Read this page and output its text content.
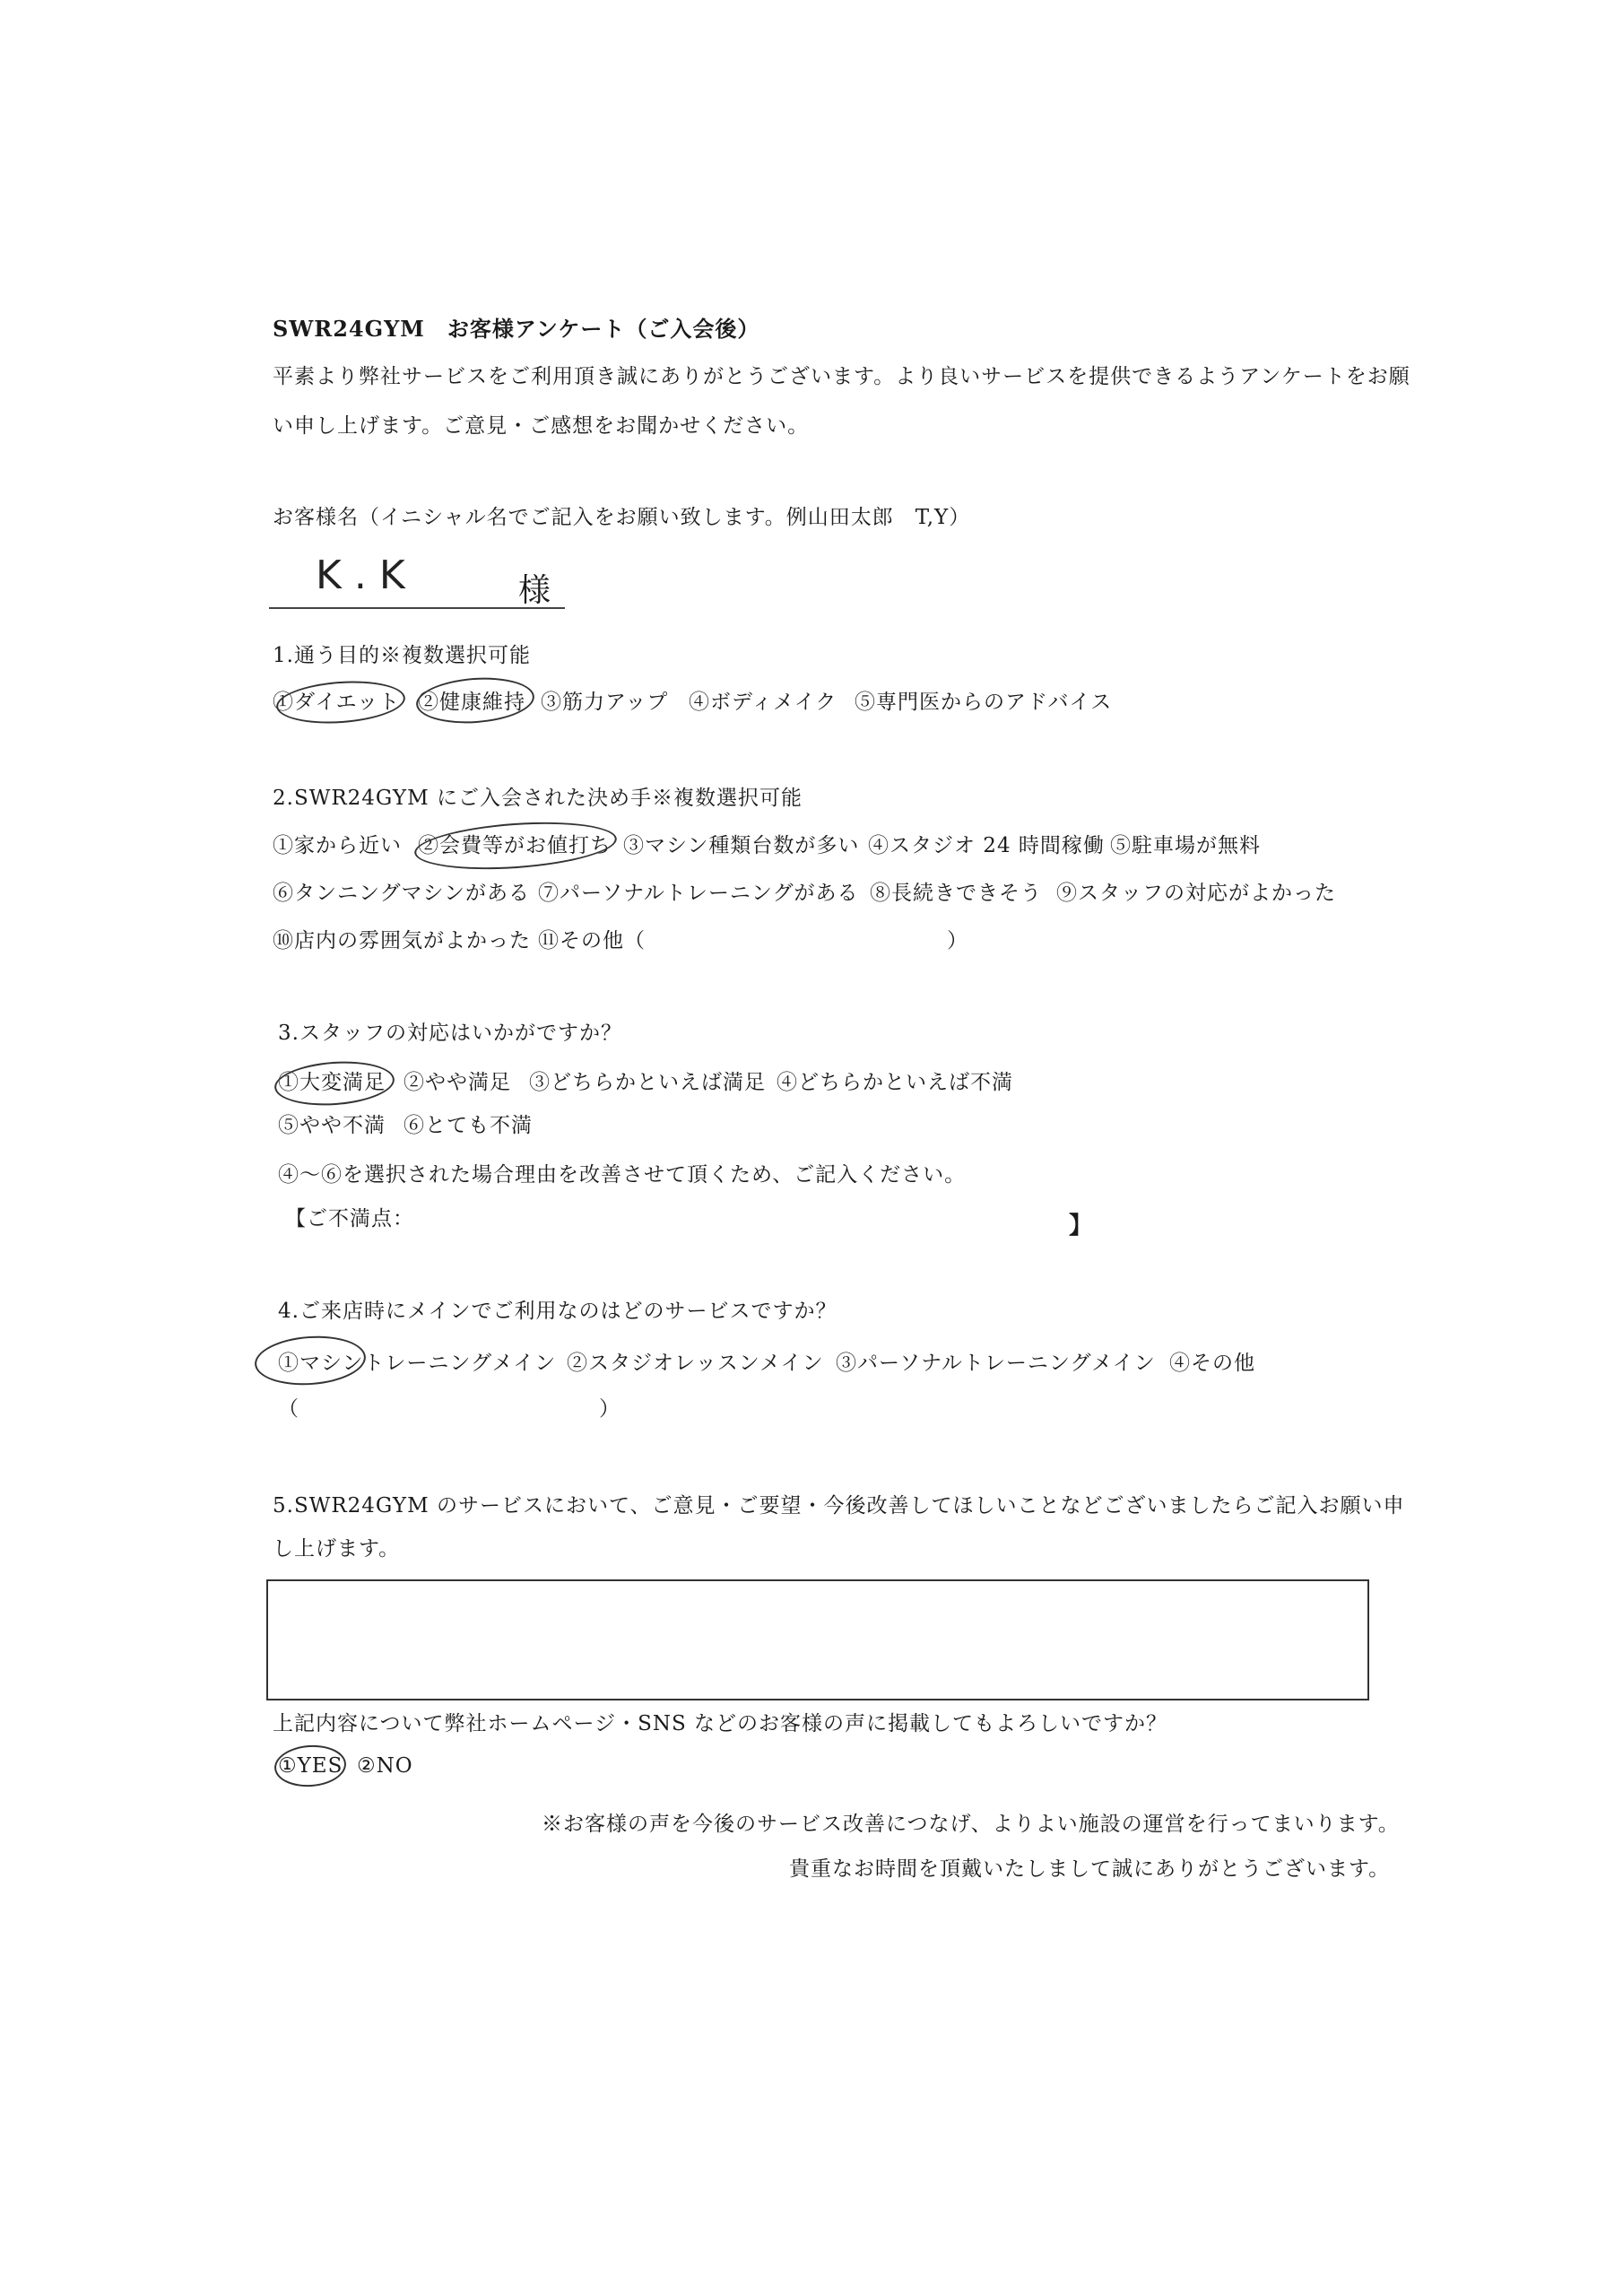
SWR24GYM　お客様アンケート（ご入会後）
平素より弊社サービスをご利用頂き誠にありがとうございます。より良いサービスを提供できるようアンケートをお願
い申し上げます。ご意見・ご感想をお聞かせください。
お客様名（イニシャル名でご記入をお願い致します。例山田太郎　T,Y）
K.K	様
1.通う目的※複数選択可能
①ダイエット ②健康維持 ③筋力アップ ④ボディメイク ⑤専門医からのアドバイス
2.SWR24GYM にご入会された決め手※複数選択可能
①家から近い ②会費等がお値打ち ③マシン種類台数が多い ④スタジオ 24 時間稼働 ⑤駐車場が無料
⑥タンニングマシンがある ⑦パーソナルトレーニングがある ⑧長続きできそう ⑨スタッフの対応がよかった
⑩店内の雰囲気がよかった ⑪その他（	）
3.スタッフの対応はいかがですか？
①大変満足 ②やや満足 ③どちらかといえば満足 ④どちらかといえば不満
⑤やや不満 ⑥とても不満
④～⑥を選択された場合理由を改善させて頂くため、ご記入ください。
【ご不満点：	】
4.ご来店時にメインでご利用なのはどのサービスですか？
①マシントレーニングメイン ②スタジオレッスンメイン ③パーソナルトレーニングメイン ④その他
（	）
5.SWR24GYM のサービスにおいて、ご意見・ご要望・今後改善してほしいことなどございましたらご記入お願い申
し上げます。
上記内容について弊社ホームページ・SNS などのお客様の声に掲載してもよろしいですか？
①YES ②NO
※お客様の声を今後のサービス改善につなげ、よりよい施設の運営を行ってまいります。
貴重なお時間を頂戴いたしまして誠にありがとうございます。
